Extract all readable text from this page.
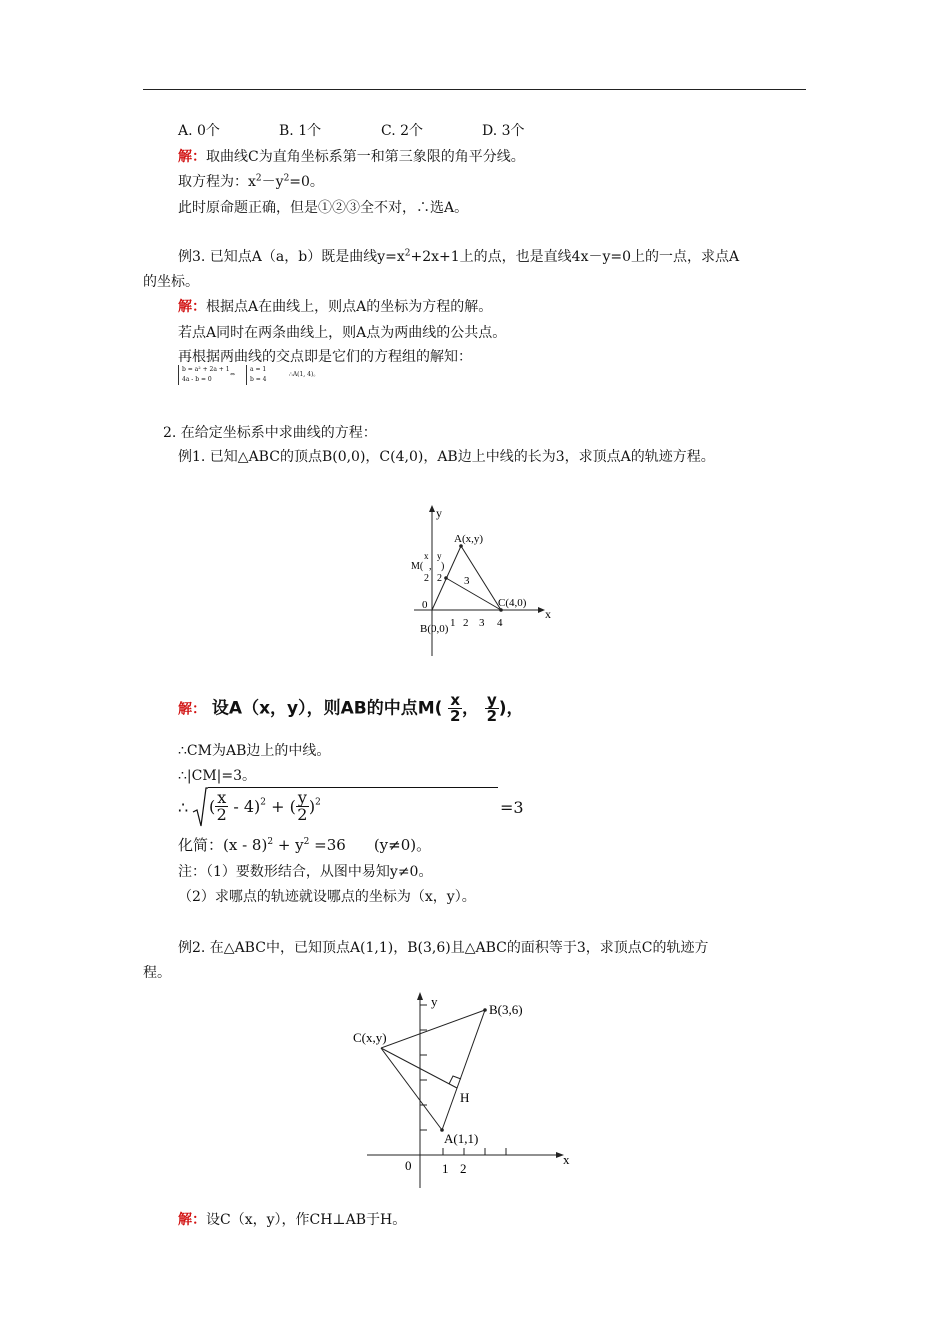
A. 0个	B. 1个	C. 2个	D. 3个
解：取曲线C为直角坐标系第一和第三象限的角平分线。
取方程为：$x^2-y^2=0$。
此时原命题正确，但是①②③全不对，∴选A。
例3. 已知点A（a，b）既是曲线$y=x^2+2x+1$上的点，也是直线4x－y=0上的一点，求点A
的坐标。
解：根据点A在曲线上，则点A的坐标为方程的解。
若点A同时在两条曲线上，则A点为两曲线的公共点。
再根据两曲线的交点即是它们的方程组的解知：
b = a² + 2a + 1
4a - b = 0
⇔
a = 1
b = 4
∴A(1, 4)。
2. 在给定坐标系中求曲线的方程：
例1. 已知△ABC的顶点B(0,0)，C(4,0)，AB边上中线的长为3，求顶点A的轨迹方程。
y
x
A(x,y)
C(4,0)
B(0,0)
0
x y
M( , )
2 2 3
1 2 3 4
解： 设A（x，y），则AB的中点$M( \frac{x}{2}$ ， $\frac{y}{2}$ )，
∴CM为AB边上的中线。
∴|CM|=3。
∴ ( $\frac{x}{2} - 4)^2$ + ( $\frac{y}{2} )^2$	=3
化简：$(x - 8)^2 + y^2 =36$ (y≠0)。
注：（1）要数形结合，从图中易知y≠0。
（2）求哪点的轨迹就设哪点的坐标为（x，y）。
例2. 在△ABC中，已知顶点A(1,1)，B(3,6)且△ABC的面积等于3，求顶点C的轨迹方
程。
y
x
B(3,6)
C(x,y)
H
A(1,1)
0 1 2
解：设C（x，y），作CH⊥AB于H。
